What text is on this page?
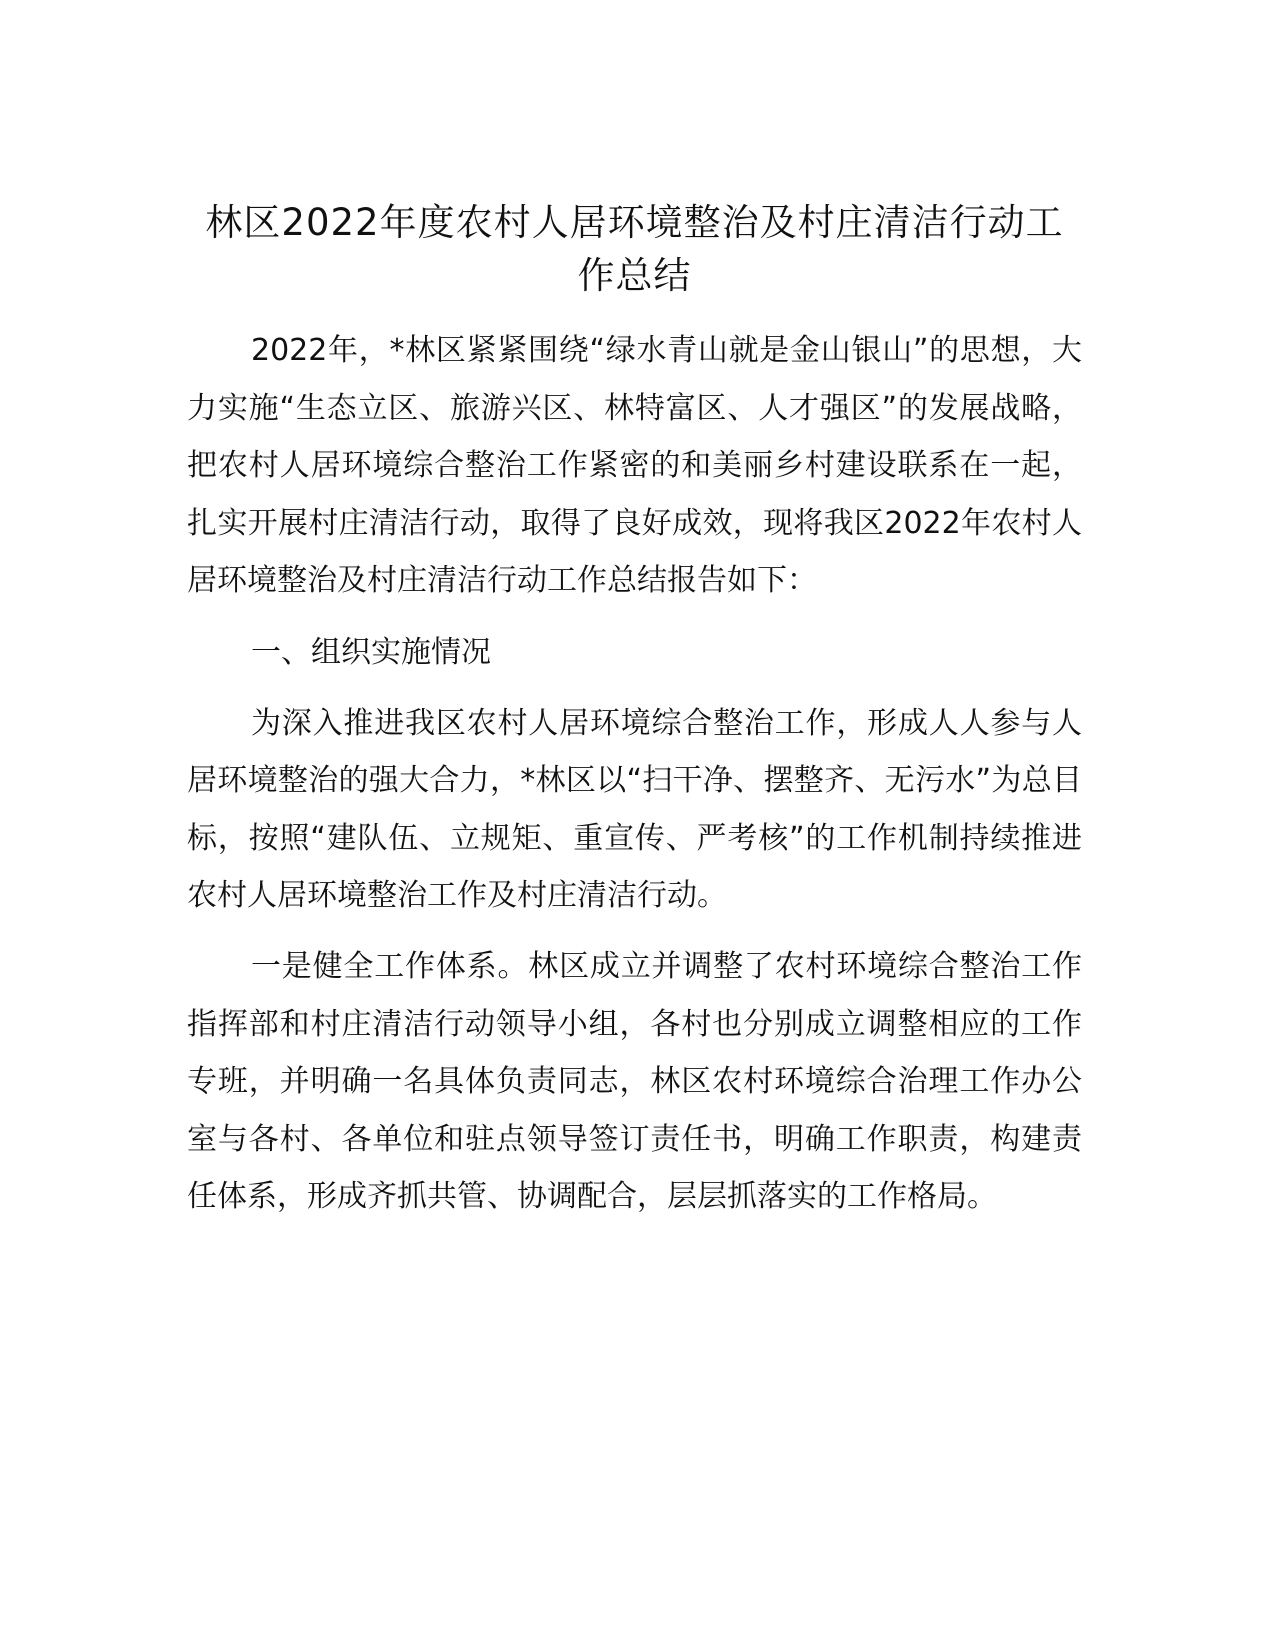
林区2022年度农村人居环境整治及村庄清洁行动工作总结

2022年，*林区紧紧围绕“绿水青山就是金山银山”的思想，大力实施“生态立区、旅游兴区、林特富区、人才强区”的发展战略，把农村人居环境综合整治工作紧密的和美丽乡村建设联系在一起，扎实开展村庄清洁行动，取得了良好成效，现将我区2022年农村人居环境整治及村庄清洁行动工作总结报告如下：

一、组织实施情况

为深入推进我区农村人居环境综合整治工作，形成人人参与人居环境整治的强大合力，*林区以“扫干净、摆整齐、无污水”为总目标，按照“建队伍、立规矩、重宣传、严考核”的工作机制持续推进农村人居环境整治工作及村庄清洁行动。

一是健全工作体系。林区成立并调整了农村环境综合整治工作指挥部和村庄清洁行动领导小组，各村也分别成立调整相应的工作专班，并明确一名具体负责同志，林区农村环境综合治理工作办公室与各村、各单位和驻点领导签订责任书，明确工作职责，构建责任体系，形成齐抓共管、协调配合，层层抓落实的工作格局。
